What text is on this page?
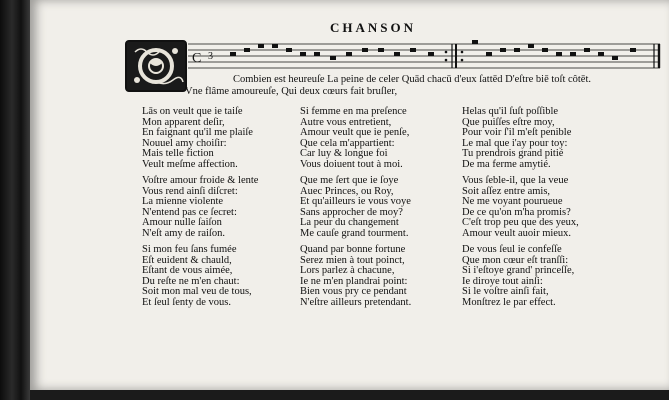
CHANSON
C 3
Combien est heureuſe La peine de celer Quād chacū d'eux ſattēd D'eſtre biē toſt côtēt.
Vne flâme amoureuſe, Qui deux cœurs fait bruſler,
Lās on veult que ie taiſe
Mon apparent deſir,
En faignant qu'il me plaiſe
Nouuel amy choiſir:
Mais telle fiction
Veult meſme affection.
Voſtre amour froide & lente
Vous rend ainſi diſcret:
La mienne violente
N'entend pas ce ſecret:
Amour nulle ſaiſon
N'eſt amy de raiſon.
Si mon feu ſans fumée
Eſt euident & chauld,
Eſtant de vous aimée,
Du reſte ne m'en chaut:
Soit mon mal veu de tous,
Et ſeul ſenty de vous.
Si femme en ma preſence
Autre vous entretient,
Amour veult que ie penſe,
Que cela m'appartient:
Car luy & longue foi
Vous doiuent tout à moi.
Que me ſert que ie ſoye
Auec Princes, ou Roy,
Et qu'ailleurs ie vous voye
Sans approcher de moy?
La peur du changement
Me cauſe grand tourment.
Quand par bonne fortune
Serez mien à tout poinct,
Lors parlez à chacune,
Ie ne m'en plandrai point:
Bien vous pry ce pendant
N'eſtre ailleurs pretendant.
Helas qu'il ſuſt poſſible
Que puiſſes eſtre moy,
Pour voir ſ'il m'eſt penible
Le mal que i'ay pour toy:
Tu prendrois grand pitié
De ma ferme amytié.
Vous ſeble-il, que la veue
Soit aſſez entre amis,
Ne me voyant pourueue
De ce qu'on m'ha promis?
C'eſt trop peu que des yeux,
Amour veult auoir mieux.
De vous ſeul ie confeſſe
Que mon cœur eſt tranſſi:
Si i'eſtoye grand' princeſſe,
Ie diroye tout ainſi:
Si le voſtre ainſi fait,
Monſtrez le par effect.
